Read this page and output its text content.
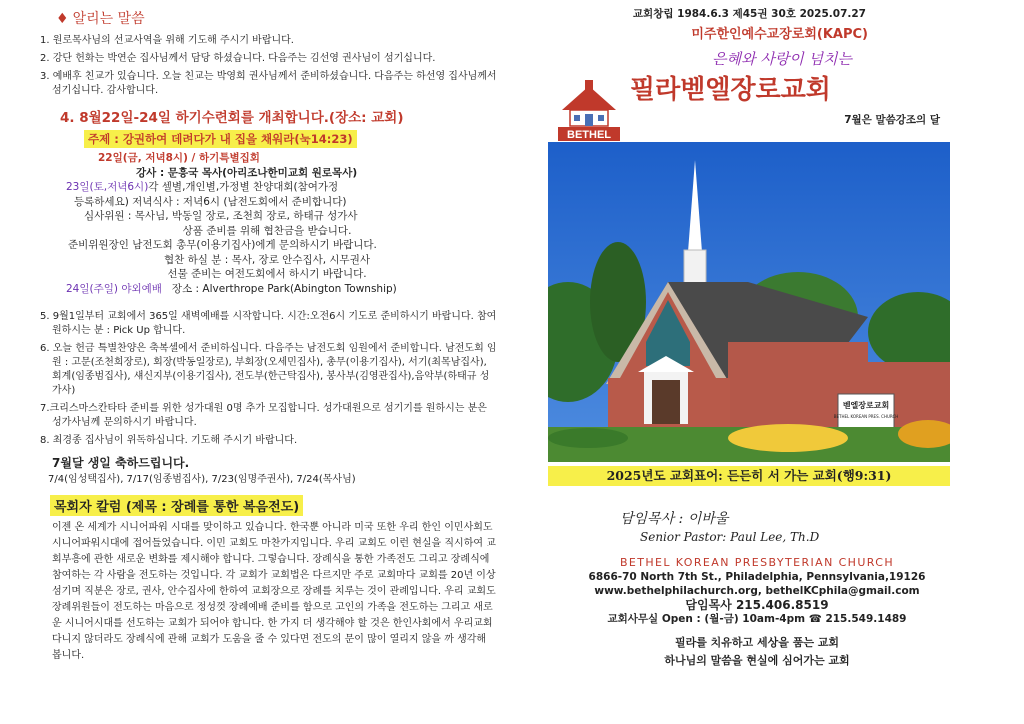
♦ 알리는 말씀
1. 원로목사님의 선교사역을 위해 기도해 주시기 바랍니다.
2. 강단 헌화는 박연순 집사님께서 담당 하셨습니다. 다음주는 김선영 권사님이 섬기십니다.
3. 예배후 친교가 있습니다. 오늘 친교는 박영희 권사님께서 준비하셨습니다. 다음주는 하선영 집사님께서 섬기십니다. 감사합니다.
4. 8월22일-24일 하기수련회를 개최합니다.(장소: 교회)
주제 : 강권하여 데려다가 내 집을 채워라(눅14:23)
22일(금, 저녁8시) / 하기특별집회
강사 : 문흥국 목사(아리조나한미교회 원로목사)
23일(토,저녁6시)각 셀별,개인별,가정별 찬양대회(참여가정
등록하세요) 저녁식사 : 저녁6시 (남전도회에서 준비합니다)
심사위원 : 목사님, 박동일 장로, 조천희 장로, 하태규 성가사
상품 준비를 위해 협찬금을 받습니다.
준비위원장인 남전도회 총무(이용기집사)에게 문의하시기 바랍니다.
협찬 하실 분 : 목사, 장로 안수집사, 시무권사
선물 준비는 여전도회에서 하시기 바랍니다.
24일(주일) 야외예배 장소 : Alverthrope Park(Abington Township)
5. 9월1일부터 교회에서 365일 새벽예배를 시작합니다. 시간:오전6시 기도로 준비하시기 바랍니다. 참여원하시는 분 : Pick Up 합니다.
6. 오늘 헌금 특별찬양은 축복셀에서 준비하십니다. 다음주는 남전도회 임원에서 준비합니다. 남전도회 임원 : 고문(조천희장로), 회장(박동일장로), 부회장(오세민집사), 총무(이용기집사), 서기(최목남집사), 회계(임종범집사), 섀신지부(이용기집사), 전도부(한근탁집사), 봉사부(김영관집사),음악부(하태규 성가사)
7.크리스마스칸타타 준비를 위한 성가대원 0명 추가 모집합니다. 성가대원으로 섬기기를 원하시는 분은 성가사님께 문의하시기 바랍니다.
8. 최경종 집사님이 위독하십니다. 기도해 주시기 바랍니다.
7월달 생일 축하드립니다.
7/4(임성택집사), 7/17(임종범집사), 7/23(임명주권사), 7/24(목사님)
목회자 칼럼 (제목 : 장례를 통한 복음전도)
이젠 온 세계가 시니어파워 시대를 맞이하고 있습니다. 한국뿐 아니라 미국 또한 우리 한인 이민사회도 시니어파워시대에 접어들었습니다. 이민 교회도 마찬가지입니다. 우리 교회도 이런 현실을 직시하여 교회부흥에 관한 새로운 변화를 제시해야 합니다. 그렇습니다. 장례식을 통한 가족전도 그리고 장례식에 참여하는 각 사람을 전도하는 것입니다. 각 교회가 교회법은 다르지만 주로 교회마다 교회를 20년 이상 섬기며 직분은 장로, 권사, 안수집사에 한하여 교회장으로 장례를 치루는 것이 관례입니다. 우리 교회도 장례위원들이 전도하는 마음으로 정성껏 장례예배 준비를 함으로 고인의 가족을 전도하는 그리고 새로운 시니어시대를 선도하는 교회가 되어야 합니다. 한 가지 더 생각해야 할 것은 한인사회에서 우리교회 다니지 않더라도 장례식에 관해 교회가 도움을 줄 수 있다면 전도의 문이 많이 열리지 않을 까 생각해 봅니다.
교회창립 1984.6.3 제45권 30호 2025.07.27
미주한인예수교장로회(KAPC)
은혜와 사랑이 넘치는
필라벧엘장로교회
7월은 말씀강조의 달
BETHEL
벧엘장로교회
BETHEL KOREAN PRES. CHURCH
2025년도 교회표어: 든든히 서 가는 교회(행9:31)
담임목사 : 이바울
Senior Pastor: Paul Lee, Th.D
BETHEL KOREAN PRESBYTERIAN CHURCH
6866-70 North 7th St., Philadelphia, Pennsylvania,19126
www.bethelphilachurch.org, bethelKCphila@gmail.com
담임목사 215.406.8519
교회사무실 Open : (월-금) 10am-4pm ☎ 215.549.1489
필라를 치유하고 세상을 품는 교회
하나님의 말씀을 현실에 심어가는 교회
